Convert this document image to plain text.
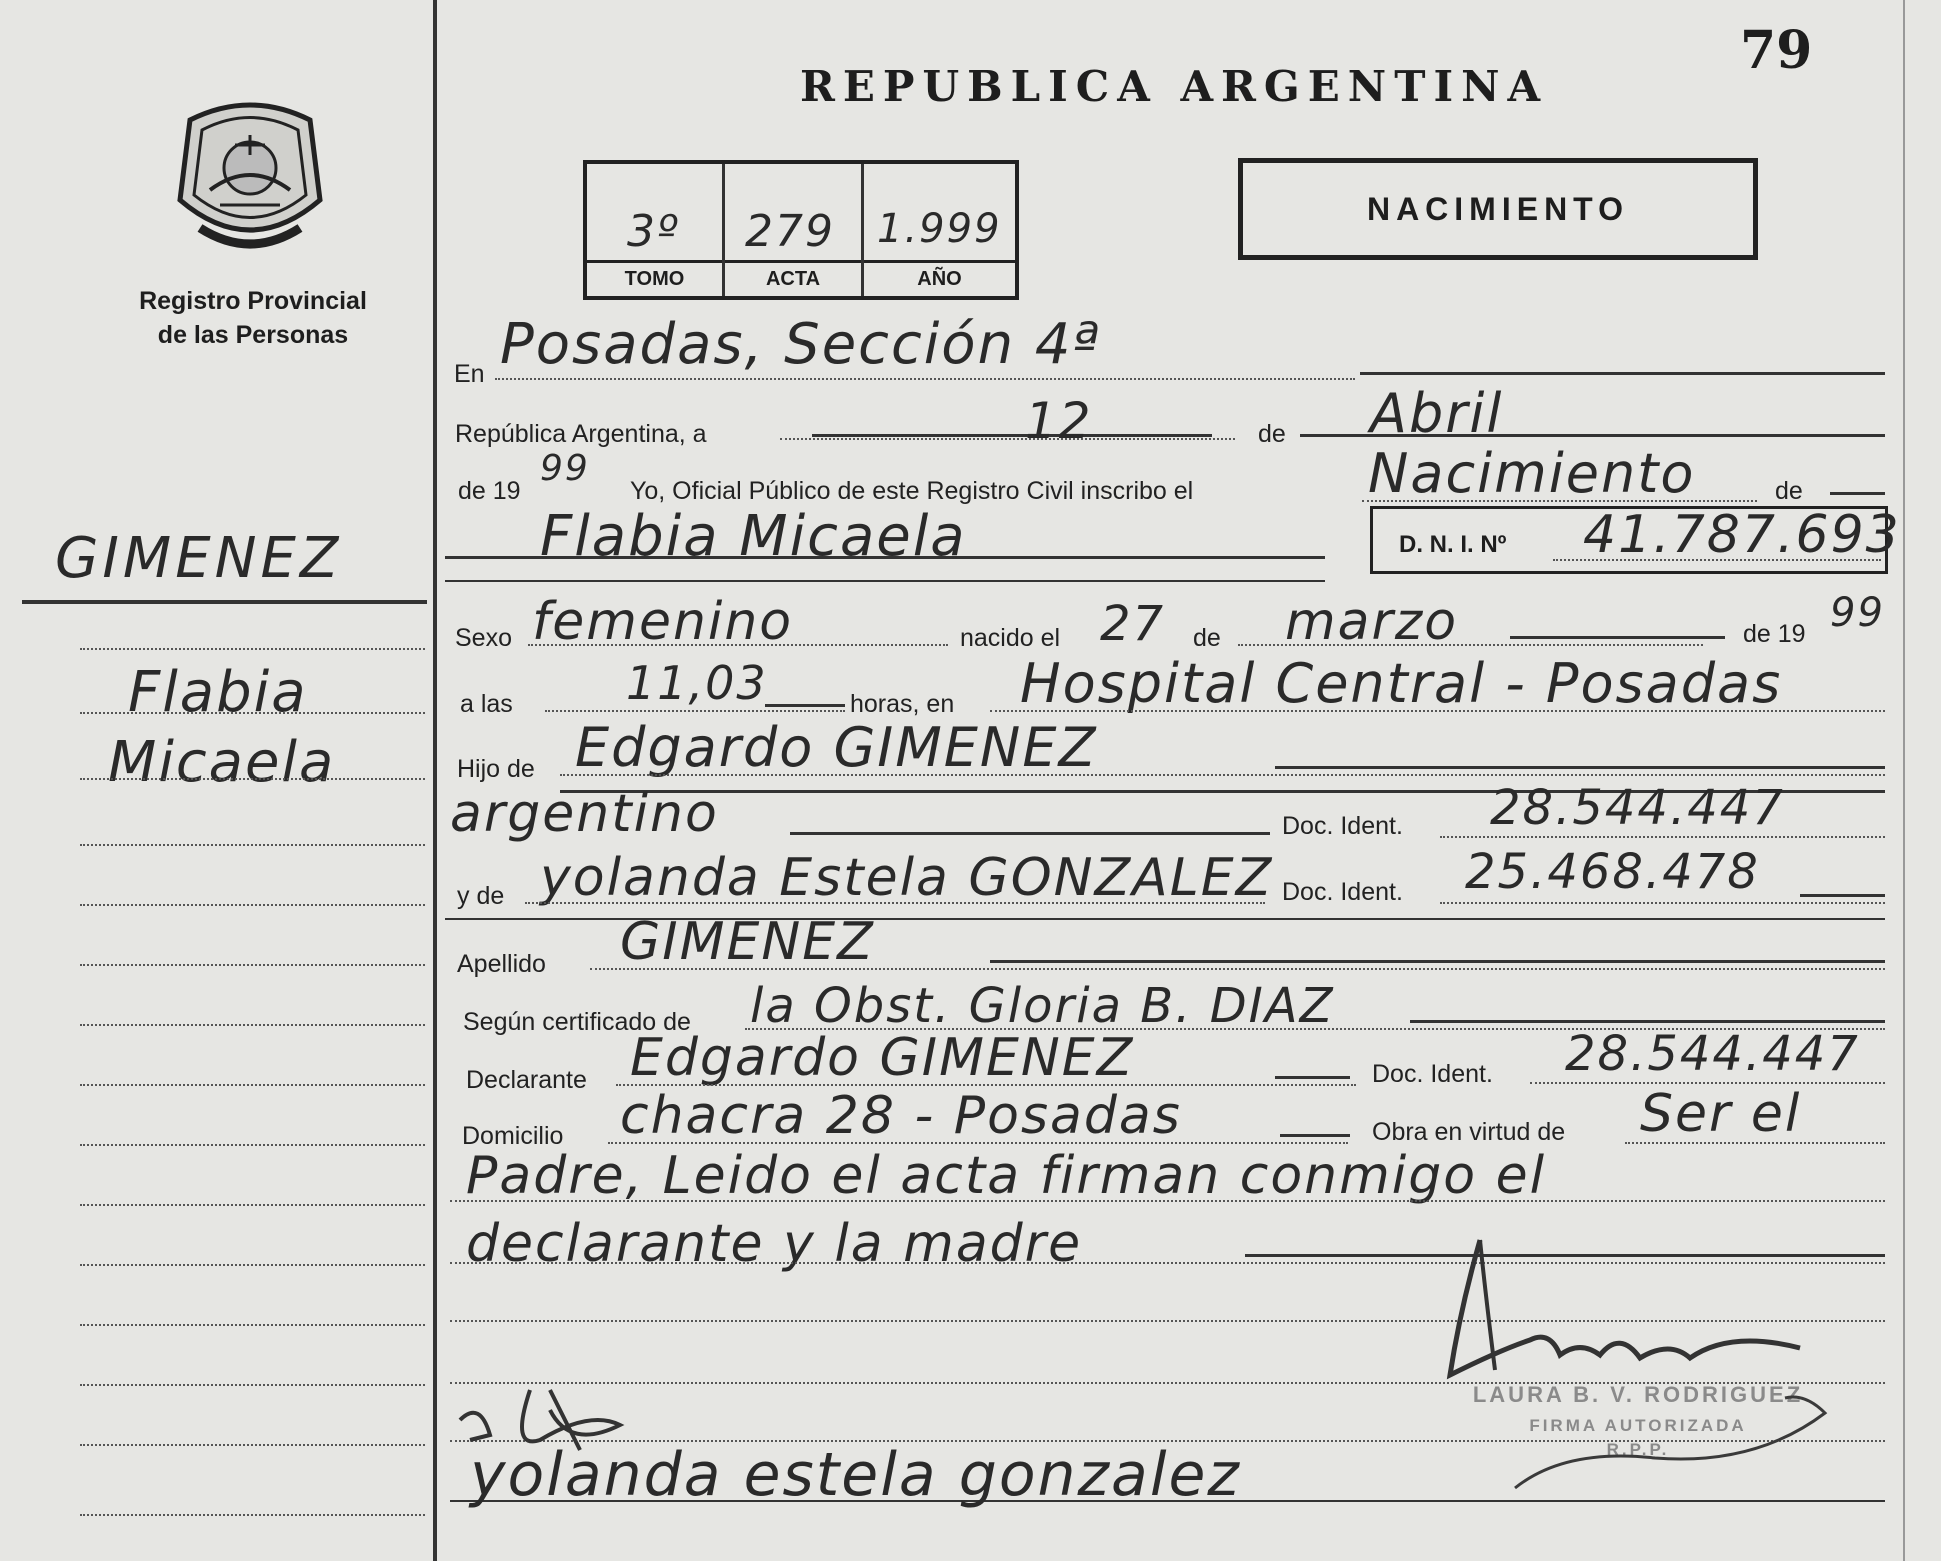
79
REPUBLICA ARGENTINA
Registro Provincial
de las Personas
3º 279 1.999
TOMO	ACTA	AÑO
NACIMIENTO
GIMENEZ
Flabia
Micaela
En Posadas, Sección 4ª
República Argentina, a	12	de Abril
de 19
99
Yo, Oficial Público de este Registro Civil inscribo el	Nacimiento	de
Flabia Micaela	D. N. I. Nº 41.787.693
Sexo femenino	nacido el 27 de marzo	de 19 99
a las 11,03	horas, en Hospital Central - Posadas
Hijo de Edgardo GIMENEZ
argentino	Doc. Ident. 28.544.447
y de yolanda Estela GONZALEZ Doc. Ident. 25.468.478
Apellido GIMENEZ
Según certificado de la Obst. Gloria B. DIAZ
Declarante Edgardo GIMENEZ	Doc. Ident. 28.544.447
Domicilio chacra 28 - Posadas	Obra en virtud de Ser el
Padre, Leido el acta firman conmigo el
declarante y la madre
LAURA B. V. RODRIGUEZ
FIRMA AUTORIZADA
R.P.P.
yolanda estela gonzalez
